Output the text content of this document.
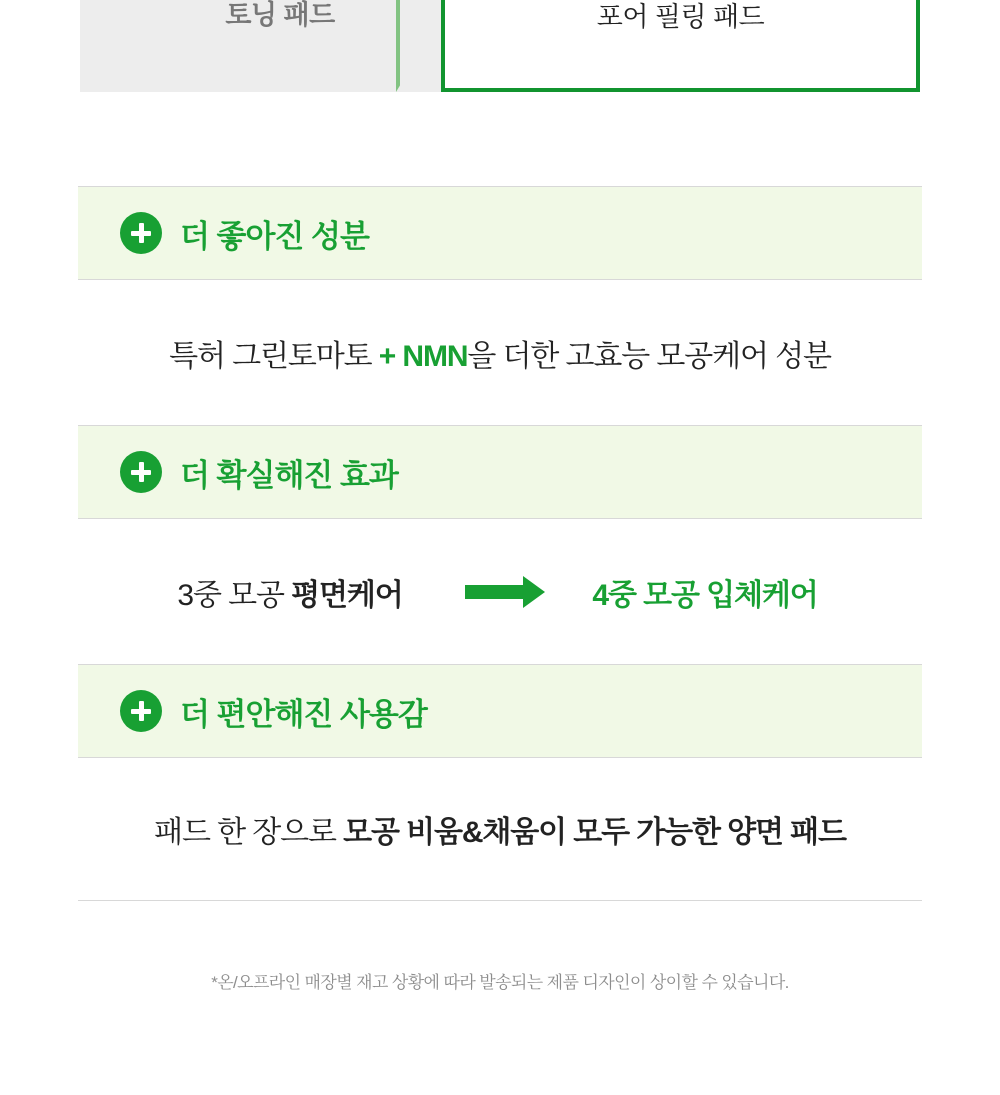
토닝 패드	포어 필링 패드
더 좋아진 성분
특허 그린토마토 + NMN을 더한 고효능 모공케어 성분
더 확실해진 효과
3중 모공 평면케어	4중 모공 입체케어
더 편안해진 사용감
패드 한 장으로 모공 비움&채움이 모두 가능한 양면 패드
*온/오프라인 매장별 재고 상황에 따라 발송되는 제품 디자인이 상이할 수 있습니다.
